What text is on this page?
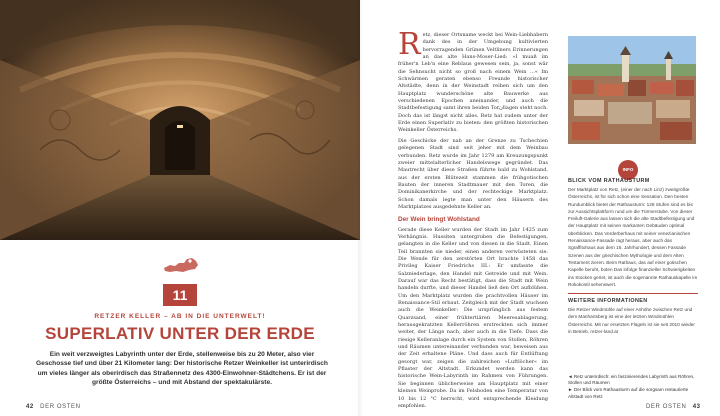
11
RETZER KELLER – AB IN DIE UNTERWELT!
SUPERLATIV UNTER DER ERDE
Ein weit verzweigtes Labyrinth unter der Erde, stellenweise bis zu 20 Meter, also vier Geschosse tief und über 21 Kilometer lang: Der historische Retzer Weinkeller ist unterirdisch um vieles länger als oberirdisch das Straßennetz des 4300-Einwohner-Städtchens. Er ist der größte Österreichs – und mit Abstand der spektakulärste.
42 DER OSTEN

Retz, dieser Ortsname weckt bei Wein-Liebhabern dank des in der Umgebung kultivierten hervorragenden Grünen Veltliners Erinnerungen an das alte Hans-Moser-Lied: »I muaß im früher'n Leb'n eine Reblaus gewesen sein, ja, sonst wär die Sehnsucht nicht so groß nach einem Wein …« Im Schwärmen geraten ebenso Freunde historischer Altstädte, denn in der Weinstadt reihen sich um den Hauptplatz wunderschöne alte Bauwerke aus verschiedenen Epochen aneinander, und auch die Stadtbefestigung samt ihren beiden Torانlagen steht noch. Doch das ist längst nicht alles. Retz hat zudem unter der Erde einen Superlativ zu bieten: den größten historischen Weinkeller Österreichs.

Die Geschicke der nah an der Grenze zu Tschechien gelegenen Stadt sind seit jeher mit dem Weinbau verbunden. Retz wurde im Jahr 1279 am Kreuzungspunkt zweier mittelalterlicher Handelswege gegründet. Das Mautrecht über diese Straßen führte bald zu Wohlstand, aus der ersten Blütezeit stammen die frühgotischen Bauten der inneren Stadtmauer mit den Toren, die Dominikanerkirche und der rechteckige Marktplatz. Schon damals legte man unter den Häusern des Marktplatzes ausgedehnte Keller an.

Der Wein bringt Wohlstand

Gerade diese Keller wurden der Stadt im Jahr 1425 zum Verhängnis. Hussiten untergruben die Befestigungen, gelangten in die Keller und von diesen in die Stadt. Einen Teil brannten sie nieder, einen anderen verwüsteten sie. Die Wende für den zerstörten Ort brachte 1458 das Privileg Kaiser Friedrichs III.: Er umfasste die Salzniederlage, den Handel mit Getreide und mit Wein. Darauf war das Recht bestätigt, dass die Stadt mit Wein handeln durfte, und dieser Handel ließ den Ort aufblühen. Um den Marktplatz wurden die prachtvollen Häuser im Renaissance-Stil erbaut. Zeitgleich mit der Stadt wuchsen auch die Weinkeller: Die ursprünglich aus festem Quarzsand, einer frühtertiären Meeresablagerung, herausgekratzten Kellerröhren erstreckten sich immer weiter, der Länge nach, aber auch in die Tiefe. Dass die riesige Kelleranlage durch ein System von Stollen, Röhren und Räumen untereinander verbunden war, beweisen aus der Zeit erhaltene Pläne. Und dass auch für Entlüftung gesorgt war, zeigen die zahlreichen »Luftlöcher« im Pflaster der Altstadt. Erkundet werden kann das historische Wein-Labyrinth im Rahmen von Führungen. Sie beginnen üblicherweise am Hauptplatz mit einer kleinen Weinprobe. Da im Felsboden eine Temperatur von 10 bis 12 °C herrscht, wird entsprechende Kleidung empfohlen.

INFO
BLICK VOM RATHAUSTURM
Der Marktplatz von Retz, (einer der nach Linz) zweitgrößte Österreichs, ist für sich schon eine Sensation. Den besten Rundumblick bietet der Rathausturm: 128 Stufen sind es bis zur Aussichtsplattform rund um die Türmerstube. Von dieser Freiluft-Galerie aus lassen sich die alte Stadtbefestigung und der Hauptplatz mit seinen markanten Gebäuden optimal überblicken. Das Verderberhaus mit seiner venezianischen Renaissance-Fassade ragt heraus, aber auch das Sgraffitohaus aus dem 16. Jahrhundert, dessen Fassade Szenen aus der griechischen Mythologie und dem Alten Testament zieren. Beim Rathaus, das auf einer gotischen Kapelle beruht, boten Das infolge finanzieller Schwierigkeiten ins Stocken geriet, ist auch die sogenannte Rathauskapelle im Rokokostil sehenswert.
WEITERE INFORMATIONEN
Die Retzer Windmühle auf einer Anhöhe zwischen Retz und dem Manhartsberg ist eine der letzten Windmühlen Österreichs. Mit nur ersetzten Flügeln ist sie seit 2010 wieder in Betrieb. retzer-land.at

◄ Retz unterirdisch: ein faszinierendes Labyrinth aus Röhren, Stollen und Räumen

► Der Blick vom Rathausturm auf die sorgsam restaurierte Altstadt von Retz

DER OSTEN 43
